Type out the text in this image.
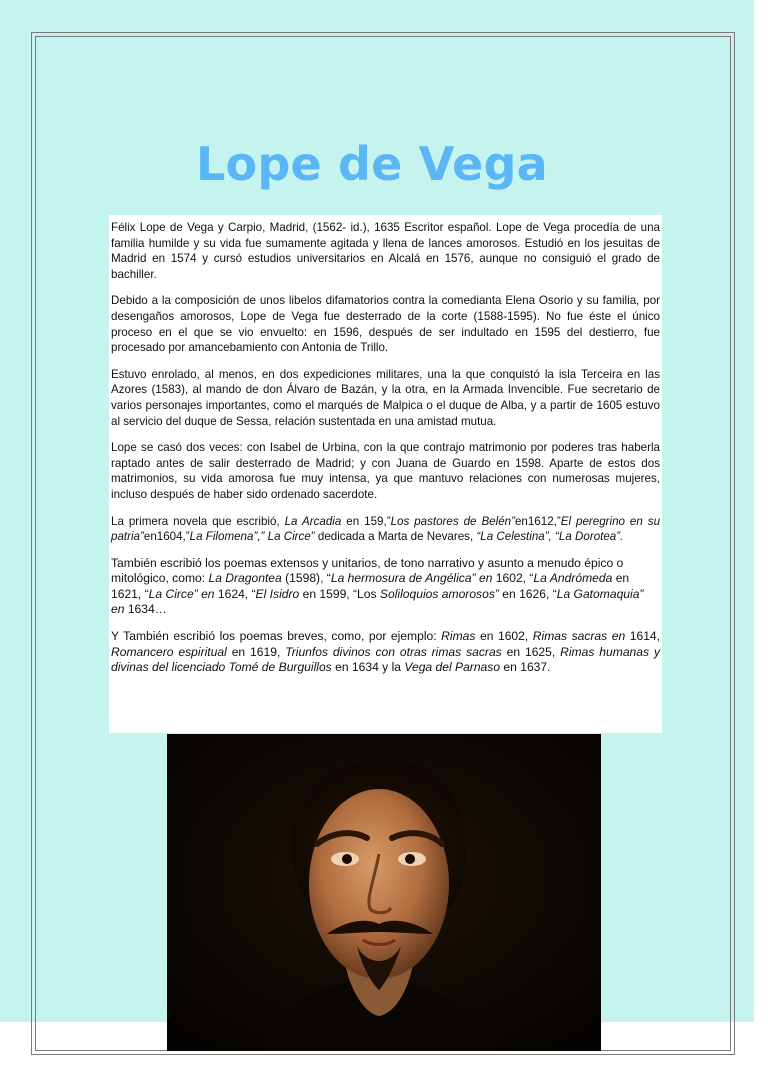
Lope de Vega

Félix Lope de Vega y Carpio, Madrid, (1562- id.), 1635 Escritor español. Lope de Vega procedía de una familia humilde y su vida fue sumamente agitada y llena de lances amorosos. Estudió en los jesuitas de Madrid en 1574 y cursó estudios universitarios en Alcalá en 1576, aunque no consiguió el grado de bachiller.

Debido a la composición de unos libelos difamatorios contra la comedianta Elena Osorio y su familia, por desengaños amorosos, Lope de Vega fue desterrado de la corte (1588-1595). No fue éste el único proceso en el que se vio envuelto: en 1596, después de ser indultado en 1595 del destierro, fue procesado por amancebamiento con Antonia de Trillo.

Estuvo enrolado, al menos, en dos expediciones militares, una la que conquistó la isla Terceira en las Azores (1583), al mando de don Álvaro de Bazán, y la otra, en la Armada Invencible. Fue secretario de varios personajes importantes, como el marqués de Malpica o el duque de Alba, y a partir de 1605 estuvo al servicio del duque de Sessa, relación sustentada en una amistad mutua.

Lope se casó dos veces: con Isabel de Urbina, con la que contrajo matrimonio por poderes tras haberla raptado antes de salir desterrado de Madrid; y con Juana de Guardo en 1598. Aparte de estos dos matrimonios, su vida amorosa fue muy intensa, ya que mantuvo relaciones con numerosas mujeres, incluso después de haber sido ordenado sacerdote.

La primera novela que escribió, La Arcadia en 159,”Los pastores de Belén”en1612,”El peregrino en su patria”en1604,”La Filomena”,” La Circe” dedicada a Marta de Nevares, “La Celestina”, “La Dorotea”.

También escribió los poemas extensos y unitarios, de tono narrativo y asunto a menudo épico o mitológico, como: La Dragontea (1598), “La hermosura de Angélica” en 1602, “La Andrómeda en 1621, “La Circe” en 1624, “El Isidro en 1599, “Los Soliloquios amorosos” en 1626, “La Gatomaquia” en 1634…

Y También escribió los poemas breves, como, por ejemplo: Rimas en 1602, Rimas sacras en 1614, Romancero espiritual en 1619, Triunfos divinos con otras rimas sacras en 1625, Rimas humanas y divinas del licenciado Tomé de Burguillos en 1634 y la Vega del Parnaso en 1637.
